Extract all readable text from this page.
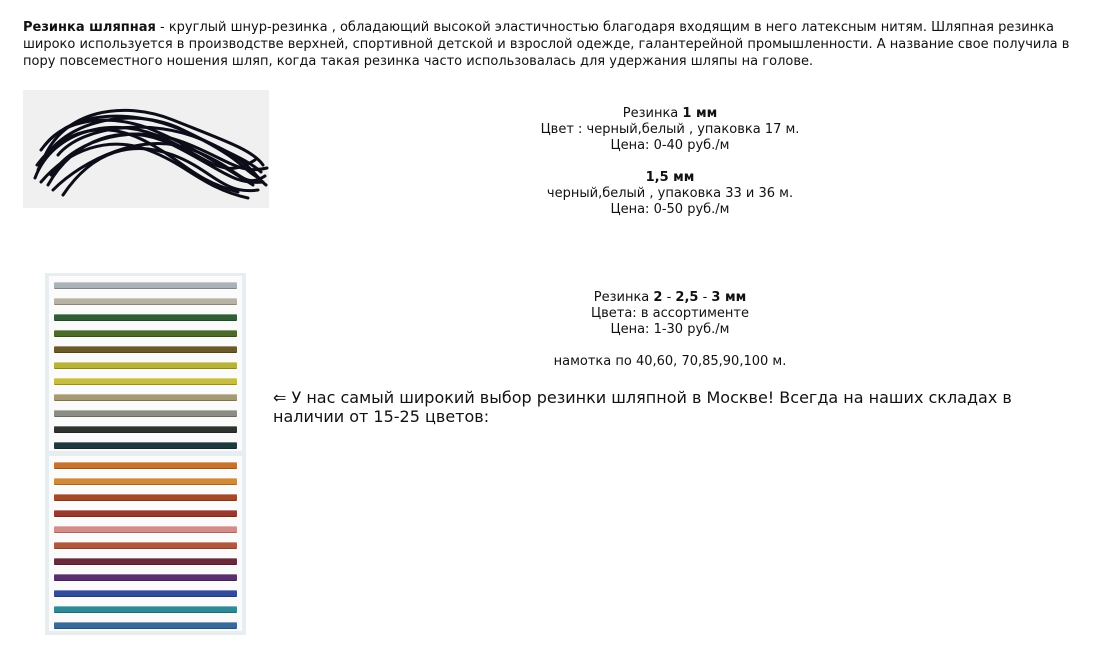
Резинка шляпная - круглый шнур-резинка , обладающий высокой эластичностью благодаря входящим в него латексным нитям. Шляпная резинка широко используется в производстве верхней, спортивной детской и взрослой одежде, галантерейной промышленности. А название свое получила в пору повсеместного ношения шляп, когда такая резинка часто использовалась для удержания шляпы на голове.

Резинка 1 мм
Цвет : черный,белый , упаковка 17 м.
Цена: 0-40 руб./м
1,5 мм
черный,белый , упаковка 33 и 36 м.
Цена: 0-50 руб./м
Резинка 2 - 2,5 - 3 мм
Цвета: в ассортименте
Цена: 1-30 руб./м
намотка по 40,60, 70,85,90,100 м.
⇐ У нас самый широкий выбор резинки шляпной в Москве! Всегда на наших складах в наличии от 15-25 цветов:
